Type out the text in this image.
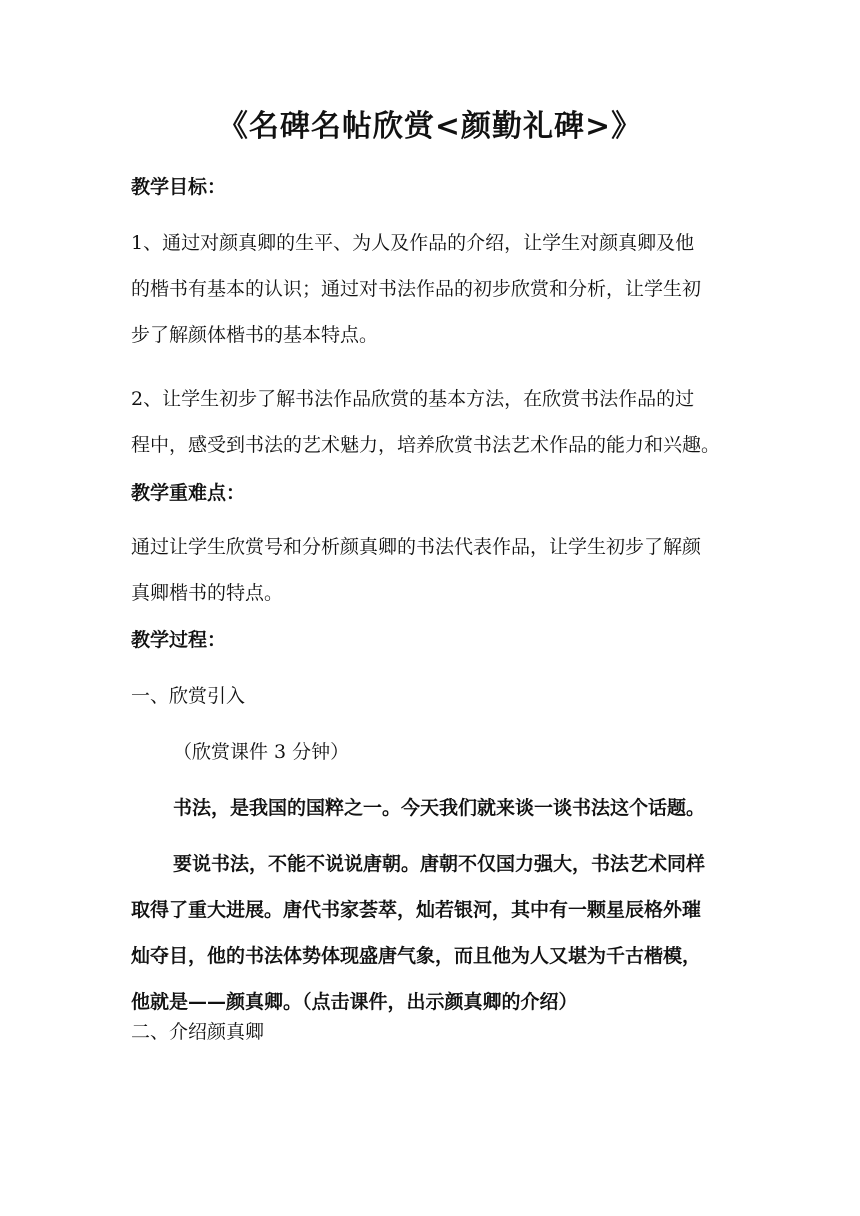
《名碑名帖欣赏<颜勤礼碑>》
教学目标：
1、通过对颜真卿的生平、为人及作品的介绍，让学生对颜真卿及他
的楷书有基本的认识；通过对书法作品的初步欣赏和分析，让学生初
步了解颜体楷书的基本特点。
2、让学生初步了解书法作品欣赏的基本方法，在欣赏书法作品的过
程中，感受到书法的艺术魅力，培养欣赏书法艺术作品的能力和兴趣。
教学重难点：
通过让学生欣赏号和分析颜真卿的书法代表作品，让学生初步了解颜
真卿楷书的特点。
教学过程：
一、欣赏引入
（欣赏课件 3 分钟）
书法，是我国的国粹之一。今天我们就来谈一谈书法这个话题。
要说书法，不能不说说唐朝。唐朝不仅国力强大，书法艺术同样
取得了重大进展。唐代书家荟萃，灿若银河，其中有一颗星辰格外璀
灿夺目，他的书法体势体现盛唐气象，而且他为人又堪为千古楷模，
他就是——颜真卿。（点击课件，出示颜真卿的介绍）
二、介绍颜真卿
